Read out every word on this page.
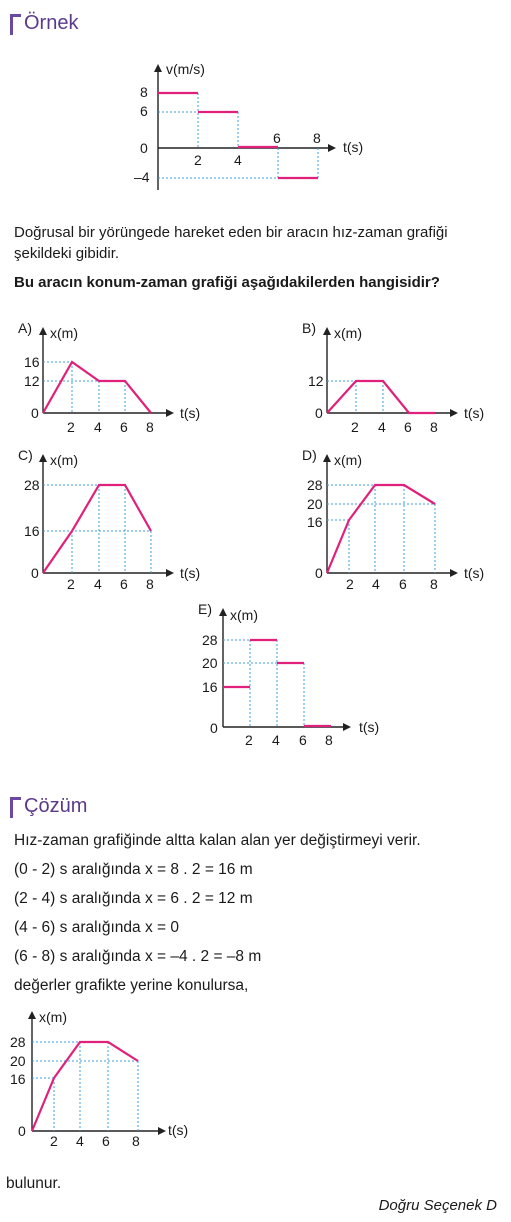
Örnek
v(m/s)
t(s)
8
6
0
–4
2 4
6 8
A) x(m)
t(s)
16
12
0
2 4 6 8
B) x(m)
t(s)
12
0
2 4 6 8
C) x(m)
t(s)
28
16
0
2 4 6 8
D) x(m)
t(s)
28
20
16
0
2 4 6 8
E) x(m)
t(s)
28
20
16
0
2 4 6 8
x(m)
t(s)
28
20
16
0
2 4 6 8
Doğrusal bir yörüngede hareket eden bir aracın hız-zaman grafiği şekildeki gibidir.
Bu aracın konum-zaman grafiği aşağıdakilerden hangisidir?
Çözüm
Hız-zaman grafiğinde altta kalan alan yer değiştirmeyi verir.
(0 - 2) s aralığında x = 8 . 2 = 16 m
(2 - 4) s aralığında x = 6 . 2 = 12 m
(4 - 6) s aralığında x = 0
(6 - 8) s aralığında x = –4 . 2 = –8 m
değerler grafikte yerine konulursa,
bulunur.
Doğru Seçenek D
